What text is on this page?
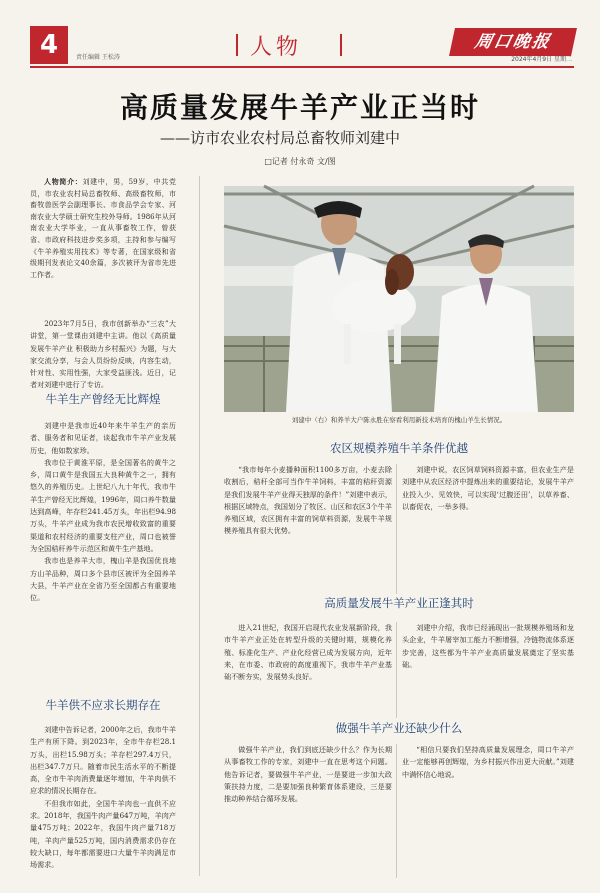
4	责任编辑 王松涛	人物	周口晚报
2024年4月9日 星期二
高质量发展牛羊产业正当时
——访市农业农村局总畜牧师刘建中
□记者 付永奇 文/图

人物简介：刘建中，男，59岁，中共党员，市农业农村局总畜牧师、高级畜牧师，市畜牧兽医学会副理事长、市食品学会专家、河南农业大学硕士研究生校外导师。1986年从河南农业大学毕业，一直从事畜牧工作，曾获省、市政府科技进步奖多项，主持和参与编写《牛羊养殖实用技术》等专著，在国家级和省级期刊发表论文40余篇，多次被评为省市先进工作者。

2023年7月5日，我市创新举办“三农”大讲堂，第一堂课由刘建中主讲。他以《高质量发展牛羊产业 积极助力乡村振兴》为题，与大家交流分享，与会人员纷纷反映，内容生动，针对性、实用性强，大家受益匪浅。近日，记者对刘建中进行了专访。

牛羊生产曾经无比辉煌

刘建中是我市近40年来牛羊生产的亲历者、服务者和见证者，谈起我市牛羊产业发展历史，他如数家珍。

我市位于黄淮平原，是全国著名的黄牛之乡，周口黄牛是我国五大良种黄牛之一，拥有悠久的养殖历史。上世纪八九十年代，我市牛羊生产曾经无比辉煌，1996年，周口养牛数量达到高峰，年存栏241.45万头，年出栏94.98万头，牛羊产业成为我市农民增收致富的重要渠道和农村经济的重要支柱产业，周口也被誉为全国秸秆养牛示范区和黄牛生产基地。

我市也是养羊大市，槐山羊是我国优良地方山羊品种，周口多个县市区被评为全国养羊大县，牛羊产业在全省乃至全国都占有重要地位。

牛羊供不应求长期存在

刘建中告诉记者，2000年之后，我市牛羊生产有所下降。到2023年，全市牛存栏28.1万头，出栏15.98万头；羊存栏297.4万只，出栏347.7万只。随着市民生活水平的不断提高，全市牛羊肉消费量逐年增加，牛羊肉供不应求的情况长期存在。

不但我市如此，全国牛羊肉也一直供不应求。2018年，我国牛肉产量647万吨，羊肉产量475万吨；2022年，我国牛肉产量718万吨，羊肉产量525万吨，国内消费需求仍存在较大缺口，每年都需要进口大量牛羊肉满足市场需求。

刘建中（右）和养羊大户陈永胜在察看利用新技术培育的槐山羊生长情况。
农区规模养殖牛羊条件优越

“我市每年小麦播种面积1100多万亩，小麦去除收割后，秸秆全部可当作牛羊饲料，丰富的秸秆资源是我们发展牛羊产业得天独厚的条件！”刘建中表示，根据区域特点，我国划分了牧区、山区和农区3个牛羊养殖区域，农区拥有丰富的饲草料资源，发展牛羊规模养殖具有很大优势。

刘建中说，农区饲草饲料资源丰富，但农业生产是刘建中从农区经济中提炼出来的重要结论，发展牛羊产业投入少、见效快，可以实现‘过腹还田’，以草养畜、以畜促农，一举多得。

高质量发展牛羊产业正逢其时

进入21世纪，我国开启现代农业发展新阶段，我市牛羊产业正处在转型升级的关键时期，规模化养殖、标准化生产、产业化经营已成为发展方向，近年来，在市委、市政府的高度重视下，我市牛羊产业基础不断夯实，发展势头良好。

刘建中介绍，我市已经涌现出一批规模养殖场和龙头企业，牛羊屠宰加工能力不断增强，冷链物流体系逐步完善，这些都为牛羊产业高质量发展奠定了坚实基础。

做强牛羊产业还缺少什么

做强牛羊产业，我们到底还缺少什么？作为长期从事畜牧工作的专家，刘建中一直在思考这个问题。他告诉记者，要做强牛羊产业，一是要进一步加大政策扶持力度，二是要加强良种繁育体系建设，三是要推动种养结合循环发展。

“相信只要我们坚持高质量发展理念，周口牛羊产业一定能够再创辉煌，为乡村振兴作出更大贡献。”刘建中满怀信心地说。
